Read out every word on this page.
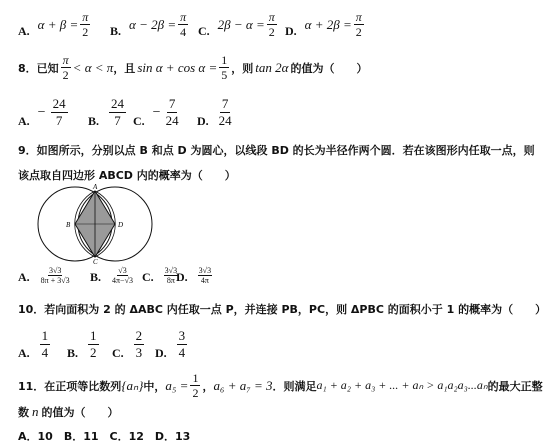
A. $\alpha + \beta = \frac{\pi}{2} B$. $\alpha - 2\beta = \frac{\pi}{4} C$. $2\beta - \alpha = \frac{\pi}{2} D$. $\alpha + 2\beta = \frac{\pi}{2}$
8．已知 $\frac{\pi}{2} < \alpha < \pi$ ，且 $\sin \alpha + \cos \alpha = \frac{1}{5}$ ，则 tan 2α 的值为（　　）
A.
− $\frac{24}{7} B$. $\frac{24}{7} C$.
− $\frac{7}{24} D$. $\frac{7}{24}$
9．如图所示，分别以点 B 和点 D 为圆心，以线段 BD 的长为半径作两个圆．若在该图形内任取一点，则
该点取自四边形 ABCD 内的概率为（　　）
A
B
C
D
A. $\frac{3√3}{8\pi + 3√3} B$. $\frac{√3}{4\pi-√3} C$. $\frac{3√3}{8\pi}$
D. $\frac{3√3}{4\pi}$
10．若向面积为 2 的 ΔABC 内任取一点 P，并连接 PB，PC，则 ΔPBC 的面积小于 1 的概率为（　　）
A. $\frac{1}{4} B$. $\frac{1}{2} C$. $\frac{2}{3} D$. $\frac{3}{4}$
11．在正项等比数列 {aₙ} 中， $a_5 = \frac{1}{2}$ ， a₆ + a₇ = 3 ．则满足 a₁ + a₂ + a₃ + ... + aₙ > a₁a₂a₃...aₙ 的最大正整
数 n 的值为（　　）
A．10　B．11　C．12　D．13
